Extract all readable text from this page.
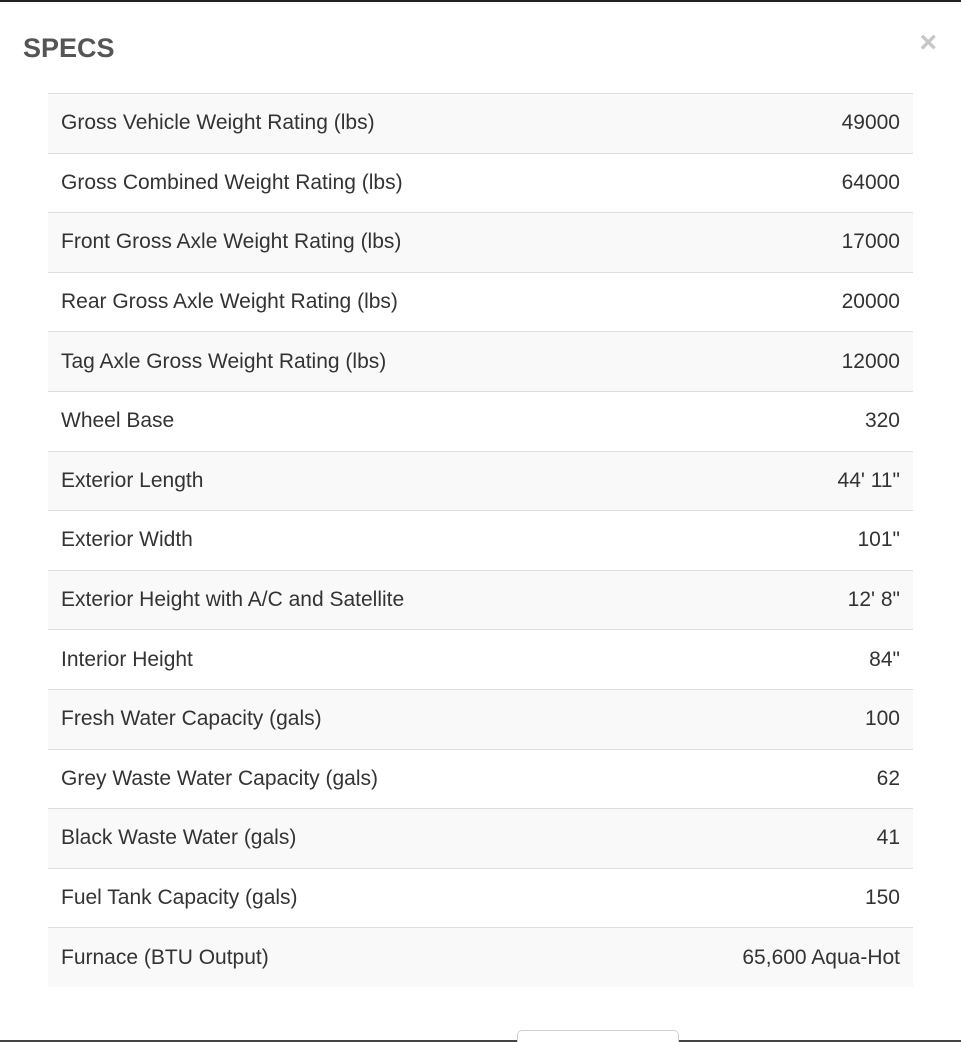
SPECS	×
Gross Vehicle Weight Rating (lbs)	49000
Gross Combined Weight Rating (lbs)	64000
Front Gross Axle Weight Rating (lbs)	17000
Rear Gross Axle Weight Rating (lbs)	20000
Tag Axle Gross Weight Rating (lbs)	12000
Wheel Base	320
Exterior Length	44' 11"
Exterior Width	101"
Exterior Height with A/C and Satellite	12' 8"
Interior Height	84"
Fresh Water Capacity (gals)	100
Grey Waste Water Capacity (gals)	62
Black Waste Water (gals)	41
Fuel Tank Capacity (gals)	150
Furnace (BTU Output)	65,600 Aqua-Hot
